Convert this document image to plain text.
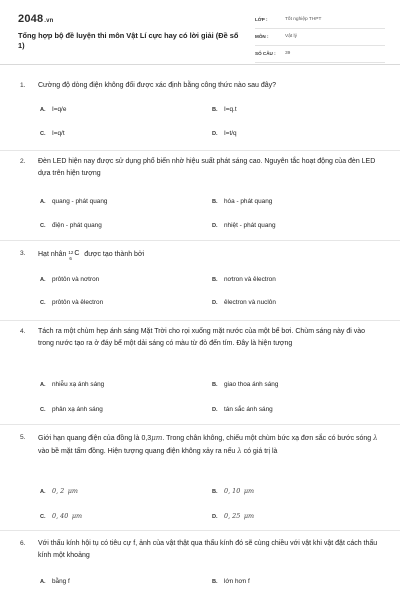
2048.vn
Tổng hợp bộ đề luyện thi môn Vật Lí cực hay có lời giải (Đề số 1)
LỚP :	Tốt nghiệp THPT
MÔN :	Vật lý
SỐ CÂU : 39
1. Cường độ dòng điện không đổi được xác định bằng công thức nào sau đây?
A. I=q/e	B. I=q.t
C. I=q/t	D. I=t/q
2. Đèn LED hiện nay được sử dụng phổ biến nhờ hiệu suất phát sáng cao. Nguyên tắc hoạt động của đèn LED dựa trên hiện tượng
A. quang - phát quang	B. hóa - phát quang
C. điện - phát quang	D. nhiệt - phát quang
3. Hạt nhân 12
6
C được tạo thành bởi
A. prôtôn và nơtron	B. nơtron và êlectron
C. prôtôn và êlectron	D. êlectron và nuclôn
4. Tách ra một chùm hẹp ánh sáng Mặt Trời cho rọi xuống mặt nước của một bể bơi. Chùm sáng này đi vào trong nước tạo ra ở đáy bể một dải sáng có màu từ đỏ đến tím. Đây là hiện tượng
A. nhiễu xạ ánh sáng	B. giao thoa ánh sáng
C. phản xạ ánh sáng	D. tán sắc ánh sáng
5. Giới hạn quang điện của đồng là 0,3μm. Trong chân không, chiếu một chùm bức xạ đơn sắc có bước sóng λ vào bề mặt tấm đồng. Hiện tượng quang điện không xảy ra nếu λ có giá trị là
A. 0, 2 μm	B. 0, 10 μm
C. 0, 40 μm	D. 0, 25 μm
6. Với thấu kính hội tụ có tiêu cự f, ảnh của vật thật qua thấu kính đó sẽ cùng chiều với vật khi vật đặt cách thấu kính một khoảng
A. bằng f	B. lớn hơn f
